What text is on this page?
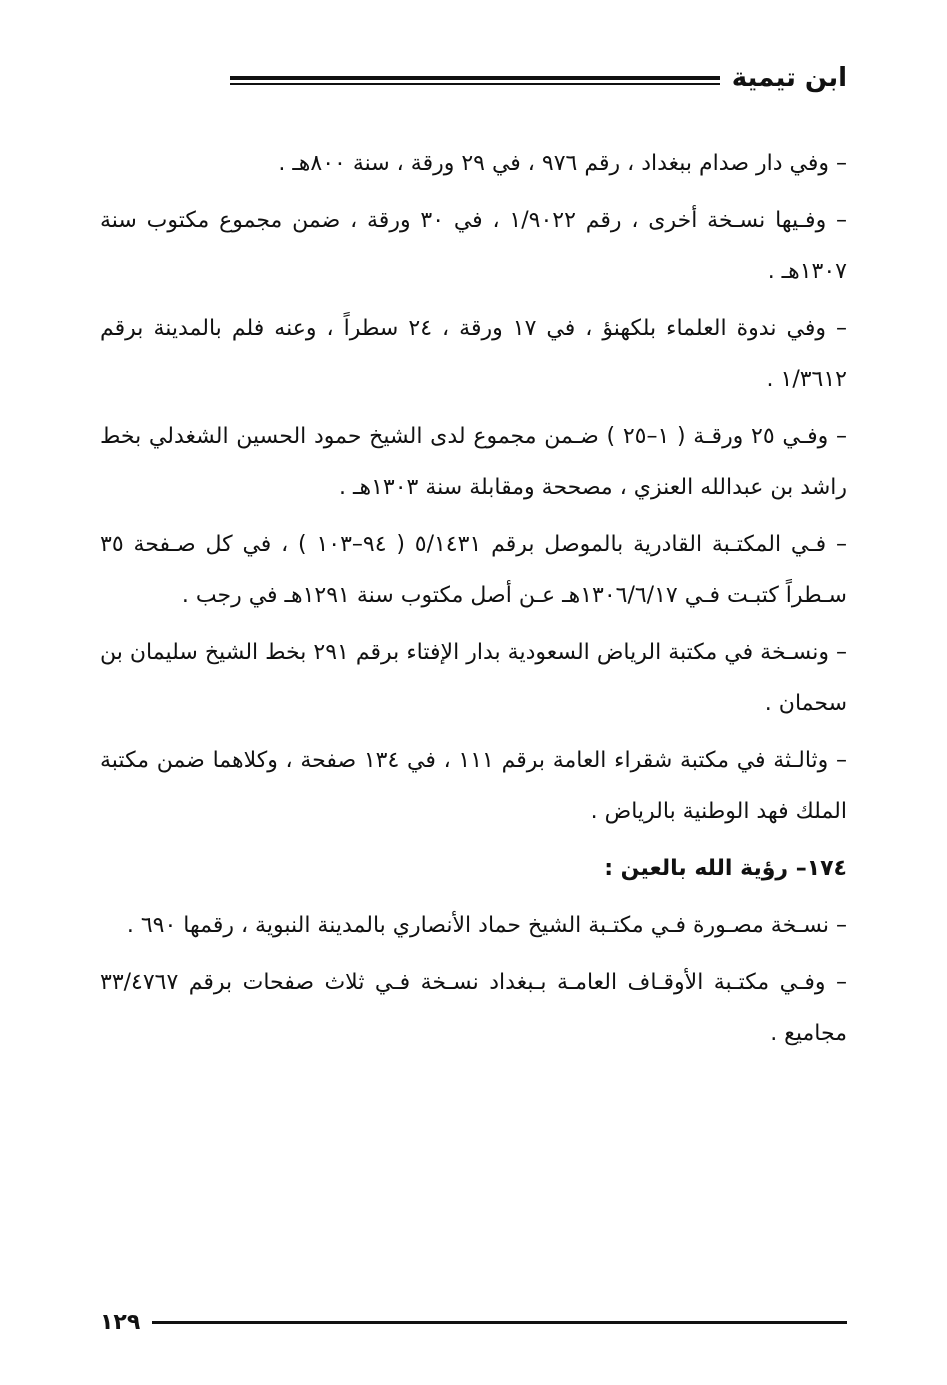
ابن تيمية

– وفي دار صدام ببغداد ، رقم ٩٧٦ ، في ٢٩ ورقة ، سنة ٨٠٠هـ .

– وفـيها نسـخة أخرى ، رقم ١/٩٠٢٢ ، في ٣٠ ورقة ، ضمن مجموع مكتوب سنة ١٣٠٧هـ .

– وفي ندوة العلماء بلكهنؤ ، في ١٧ ورقة ، ٢٤ سطراً ، وعنه فلم بالمدينة برقم ١/٣٦١٢ .

– وفـي ٢٥ ورقـة ( ١–٢٥ ) ضـمن مجموع لدى الشيخ حمود الحسين الشغدلي بخط راشد بن عبدالله العنزي ، مصححة ومقابلة سنة ١٣٠٣هـ .

– فـي المكتـبة القادرية بالموصل برقم ٥/١٤٣١ ( ٩٤–١٠٣ ) ، في كل صـفحة ٣٥ سـطراً كتبـت فـي ١٣٠٦/٦/١٧هـ عـن أصل مكتوب سنة ١٢٩١هـ في رجب .

– ونسـخة في مكتبة الرياض السعودية بدار الإفتاء برقم ٢٩١ بخط الشيخ سليمان بن سحمان .

– وثالـثة في مكتبة شقراء العامة برقم ١١١ ، في ١٣٤ صفحة ، وكلاهما ضمن مكتبة الملك فهد الوطنية بالرياض .

١٧٤– رؤية الله بالعين :

– نسـخة مصـورة فـي مكتـبة الشيخ حماد الأنصاري بالمدينة النبوية ، رقمها ٦٩٠ .

– وفـي مكتـبة الأوقـاف العامـة بـبغداد نسـخة فـي ثلاث صفحات برقم ٣٣/٤٧٦٧ مجاميع .

١٢٩
